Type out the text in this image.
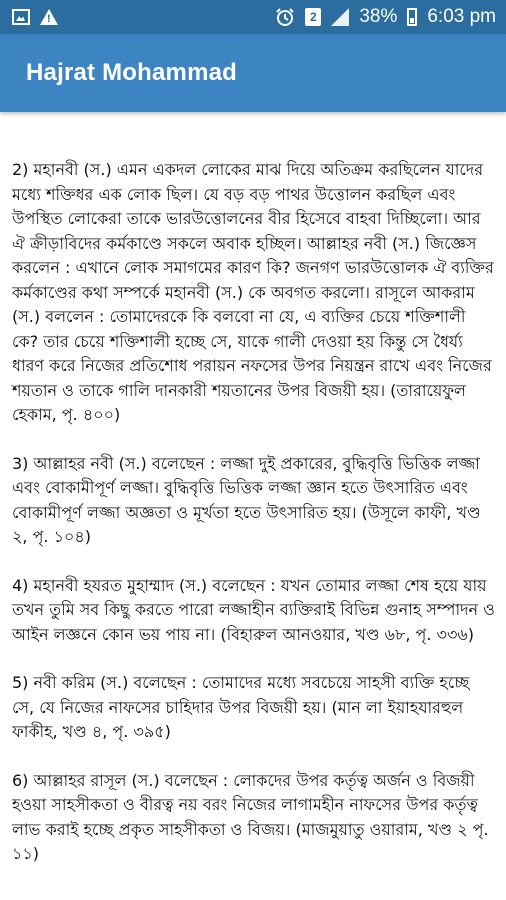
!	2 38% 6:03 pm
Hajrat Mohammad

2) মহানবী (স.) এমন একদল লোকের মাঝ দিয়ে অতিক্রম করছিলেন যাদের মধ্যে শক্তিধর এক লোক ছিল। যে বড় বড় পাথর উত্তোলন করছিল এবং উপস্থিত লোকেরা তাকে ভারউত্তোলনের বীর হিসেবে বাহবা দিচ্ছিলো। আর ঐ ক্রীড়াবিদের কর্মকাণ্ডে সকলে অবাক হচ্ছিল। আল্লাহর নবী (স.) জিজ্ঞেস করলেন : এখানে লোক সমাগমের কারণ কি? জনগণ ভারউত্তোলক ঐ ব্যক্তির কর্মকাণ্ডের কথা সম্পর্কে মহানবী (স.) কে অবগত করলো। রাসূলে আকরাম (স.) বললেন : তোমাদেরকে কি বলবো না যে, এ ব্যক্তির চেয়ে শক্তিশালী কে? তার চেয়ে শক্তিশালী হচ্ছে সে, যাকে গালী দেওয়া হয় কিন্তু সে ধৈর্য্য ধারণ করে নিজের প্রতিশোধ পরায়ন নফসের উপর নিয়ন্ত্রন রাখে এবং নিজের শয়তান ও তাকে গালি দানকারী শয়তানের উপর বিজয়ী হয়। (তারায়েফুল হেকাম, পৃ. ৪০০)

3) আল্লাহর নবী (স.) বলেছেন : লজ্জা দুই প্রকারের, বুদ্ধিবৃত্তি ভিত্তিক লজ্জা এবং বোকামীপূর্ণ লজ্জা। বুদ্ধিবৃত্তি ভিত্তিক লজ্জা জ্ঞান হতে উৎসারিত এবং বোকামীপূর্ণ লজ্জা অজ্ঞতা ও মূর্খতা হতে উৎসারিত হয়। (উসূলে কাফী, খণ্ড ২, পৃ. ১০৪)

4) মহানবী হযরত মুহাম্মাদ (স.) বলেছেন : যখন তোমার লজ্জা শেষ হয়ে যায় তখন তুমি সব কিছু করতে পারো লজ্জাহীন ব্যক্তিরাই বিভিন্ন গুনাহ সম্পাদন ও আইন লজ্ঞনে কোন ভয় পায় না। (বিহারুল আনওয়ার, খণ্ড ৬৮, পৃ. ৩৩৬)

5) নবী করিম (স.) বলেছেন : তোমাদের মধ্যে সবচেয়ে সাহসী ব্যক্তি হচ্ছে সে, যে নিজের নাফসের চাহিদার উপর বিজয়ী হয়। (মান লা ইয়াহযারহুল ফাকীহ, খণ্ড ৪, পৃ. ৩৯৫)

6) আল্লাহর রাসূল (স.) বলেছেন : লোকদের উপর কর্তৃত্ব অর্জন ও বিজয়ী হওয়া সাহসীকতা ও বীরত্ব নয় বরং নিজের লাগামহীন নাফসের উপর কর্তৃত্ব লাভ করাই হচ্ছে প্রকৃত সাহসীকতা ও বিজয়। (মাজমুয়াতু ওয়ারাম, খণ্ড ২ পৃ. ১১)
